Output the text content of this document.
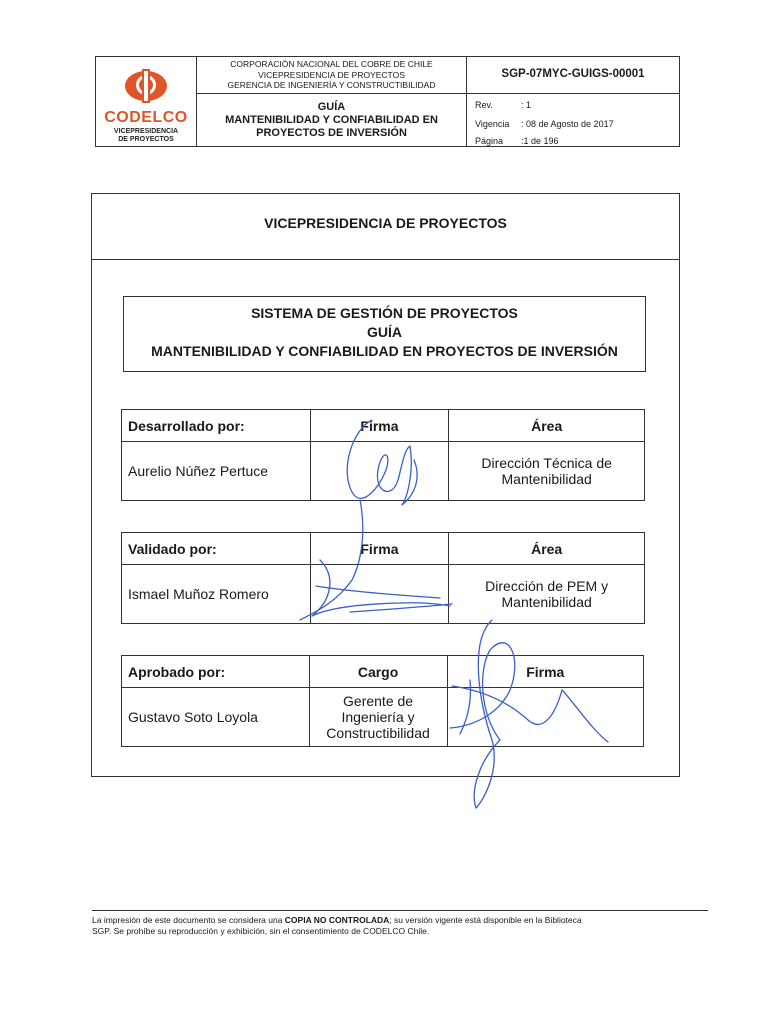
CODELCO
VICEPRESIDENCIA
DE PROYECTOS
CORPORACIÓN NACIONAL DEL COBRE DE CHILE
VICEPRESIDENCIA DE PROYECTOS
GERENCIA DE INGENIERÍA Y CONSTRUCTIBILIDAD
GUÍA
MANTENIBILIDAD Y CONFIABILIDAD EN
PROYECTOS DE INVERSIÓN
SGP-07MYC-GUIGS-00001
Rev.	: 1
Vigencia : 08 de Agosto de 2017
Página :1 de 196
VICEPRESIDENCIA DE PROYECTOS
SISTEMA DE GESTIÓN DE PROYECTOS
GUÍA
MANTENIBILIDAD Y CONFIABILIDAD EN PROYECTOS DE INVERSIÓN
Desarrollado por:	Firma	Área
Aurelio Núñez Pertuce		Dirección Técnica de
Mantenibilidad
Validado por:	Firma	Área
Ismael Muñoz Romero		Dirección de PEM y
Mantenibilidad
Aprobado por:	Cargo	Firma
Gustavo Soto Loyola	Gerente de
Ingeniería y
Constructibilidad	

La impresión de este documento se considera una COPIA NO CONTROLADA; su versión vigente está disponible en la Biblioteca
SGP. Se prohíbe su reproducción y exhibición, sin el consentimiento de CODELCO Chile.
